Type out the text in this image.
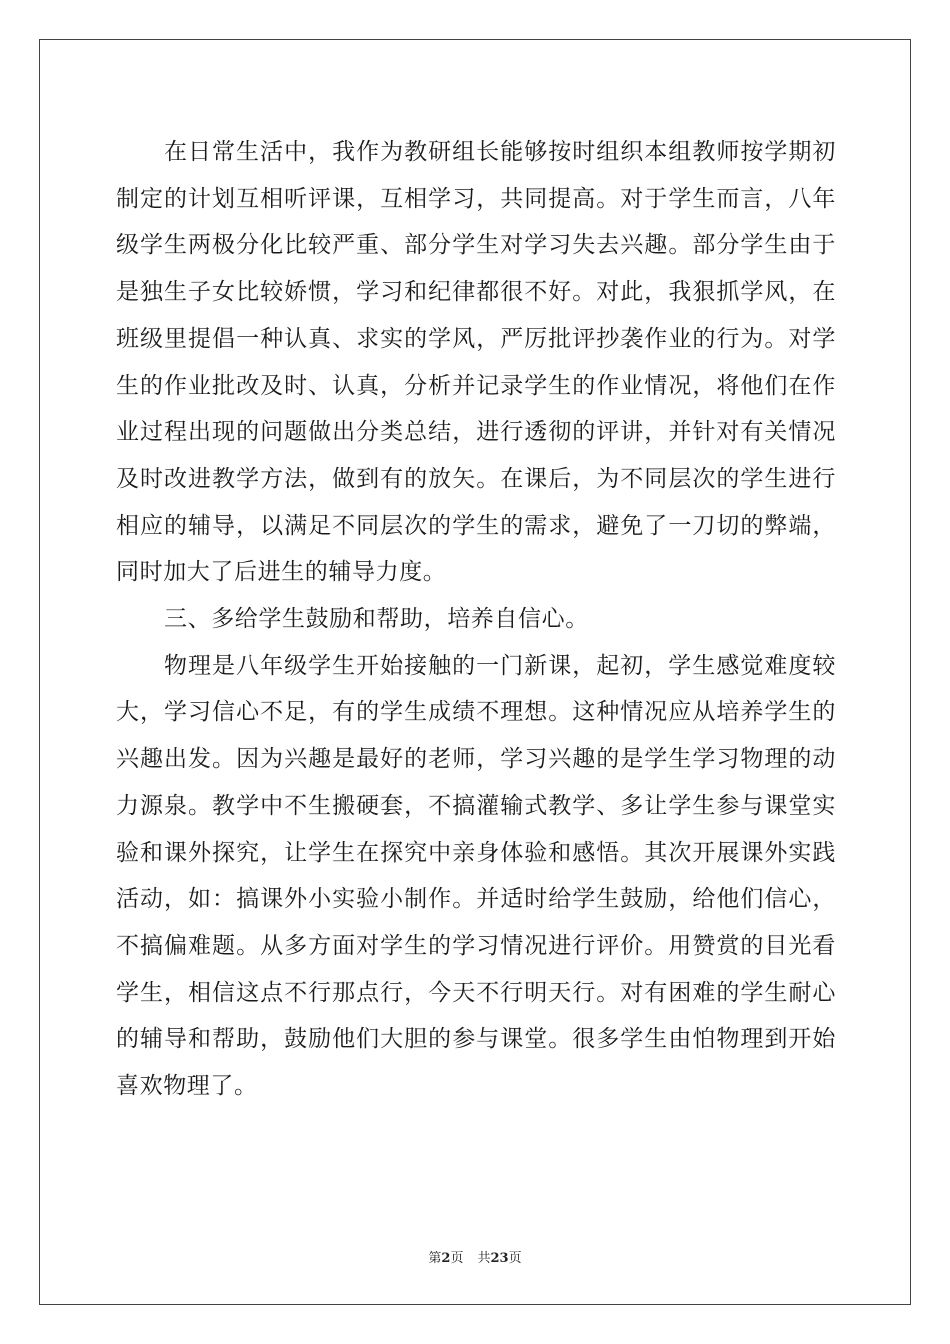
在日常生活中，我作为教研组长能够按时组织本组教师按学期初制定的计划互相听评课，互相学习，共同提高。对于学生而言，八年级学生两极分化比较严重、部分学生对学习失去兴趣。部分学生由于是独生子女比较娇惯，学习和纪律都很不好。对此，我狠抓学风，在班级里提倡一种认真、求实的学风，严厉批评抄袭作业的行为。对学生的作业批改及时、认真，分析并记录学生的作业情况，将他们在作业过程出现的问题做出分类总结，进行透彻的评讲，并针对有关情况及时改进教学方法，做到有的放矢。在课后，为不同层次的学生进行相应的辅导，以满足不同层次的学生的需求，避免了一刀切的弊端，同时加大了后进生的辅导力度。

三、多给学生鼓励和帮助，培养自信心。

物理是八年级学生开始接触的一门新课，起初，学生感觉难度较大，学习信心不足，有的学生成绩不理想。这种情况应从培养学生的兴趣出发。因为兴趣是最好的老师，学习兴趣的是学生学习物理的动力源泉。教学中不生搬硬套，不搞灌输式教学、多让学生参与课堂实验和课外探究，让学生在探究中亲身体验和感悟。其次开展课外实践活动，如：搞课外小实验小制作。并适时给学生鼓励，给他们信心，不搞偏难题。从多方面对学生的学习情况进行评价。用赞赏的目光看学生，相信这点不行那点行，今天不行明天行。对有困难的学生耐心的辅导和帮助，鼓励他们大胆的参与课堂。很多学生由怕物理到开始喜欢物理了。

第2页 共23页
